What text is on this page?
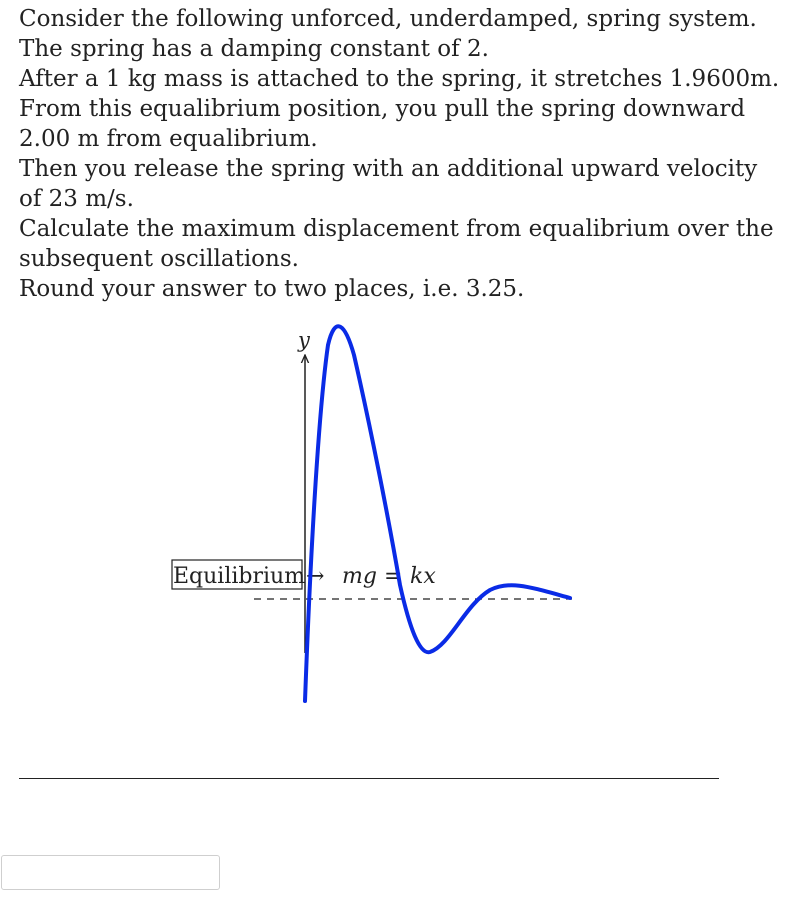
Consider the following unforced, underdamped, spring system.
The spring has a damping constant of 2.
After a 1 kg mass is attached to the spring, it stretches 1.9600m.
From this equalibrium position, you pull the spring downward
2.00 m from equalibrium.
Then you release the spring with an additional upward velocity
of 23 m/s.
Calculate the maximum displacement from equalibrium over the
subsequent oscillations.
Round your answer to two places, i.e. 3.25.
y
Equilibrium → mg = kx
